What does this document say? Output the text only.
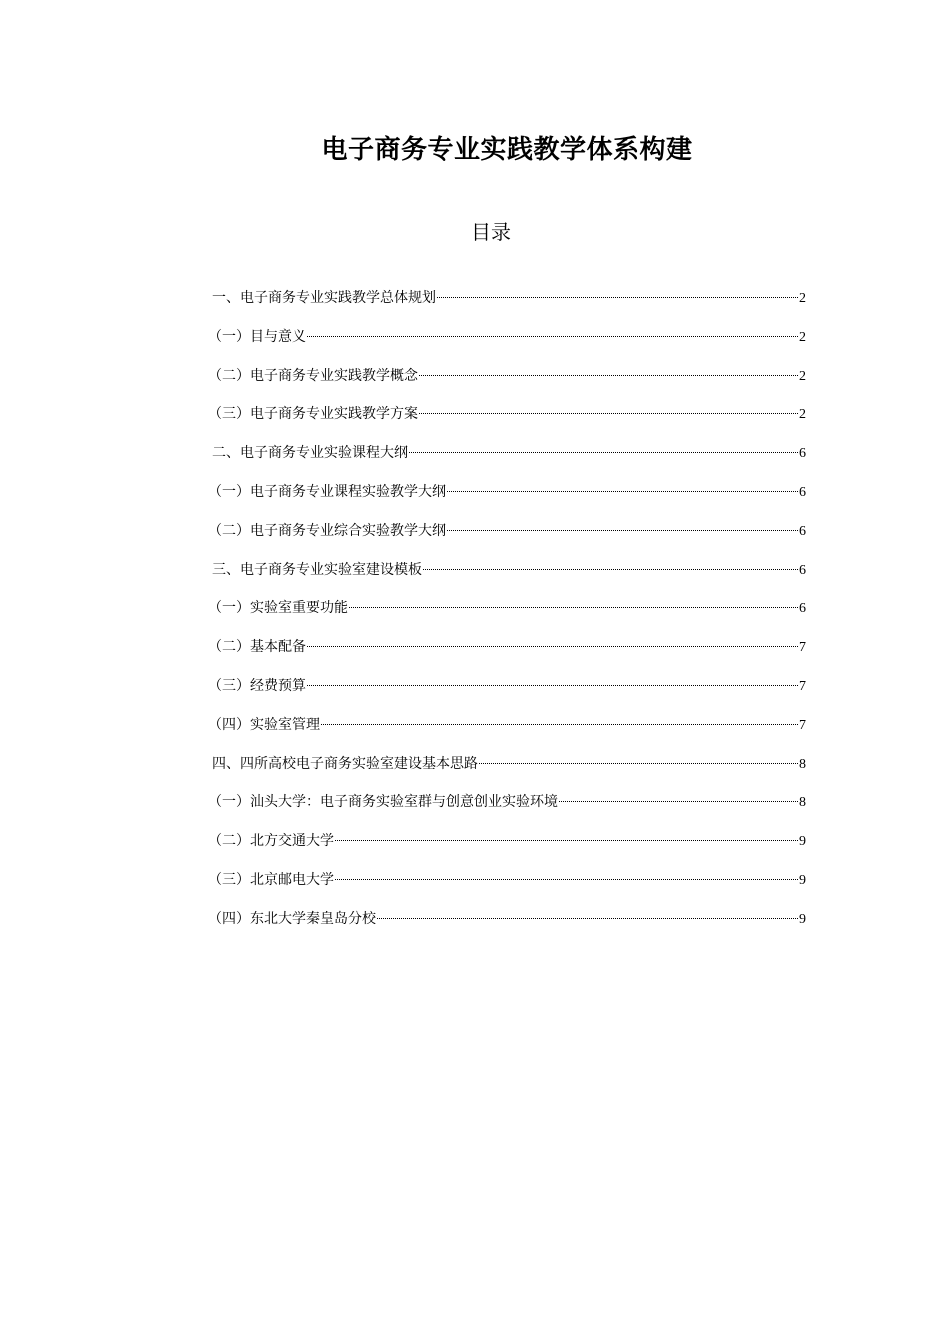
电子商务专业实践教学体系构建
目录
一、电子商务专业实践教学总体规划	2
（一）目与意义	2
（二）电子商务专业实践教学概念	2
（三）电子商务专业实践教学方案	2
二、电子商务专业实验课程大纲	6
（一）电子商务专业课程实验教学大纲	6
（二）电子商务专业综合实验教学大纲	6
三、电子商务专业实验室建设模板	6
（一）实验室重要功能	6
（二）基本配备	7
（三）经费预算	7
（四）实验室管理	7
四、四所高校电子商务实验室建设基本思路	8
（一）汕头大学：电子商务实验室群与创意创业实验环境	8
（二）北方交通大学	9
（三）北京邮电大学	9
（四）东北大学秦皇岛分校	9
